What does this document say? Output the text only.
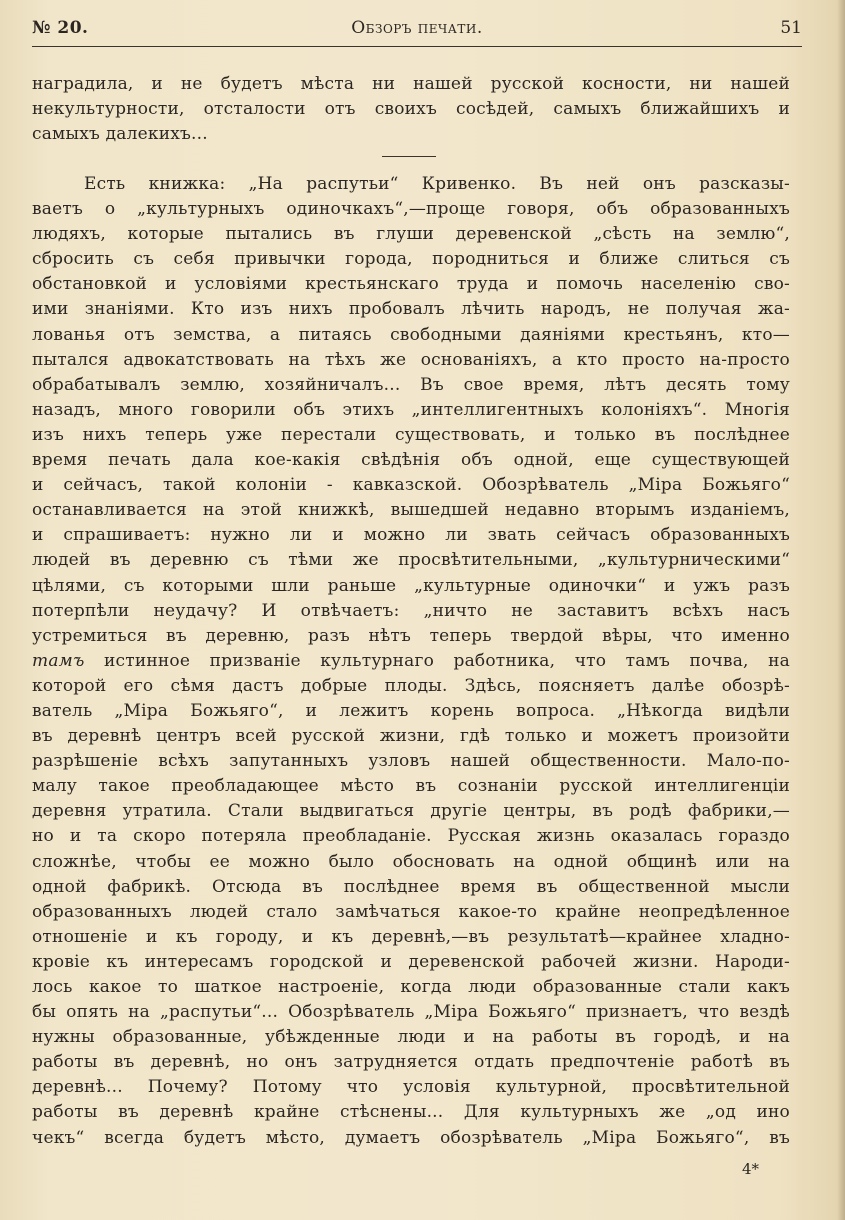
№ 20.	Обзоръ печати.	51
наградила, и не будетъ мѣста ни нашей русской косности, ни нашей
некультурности, отсталости отъ своихъ сосѣдей, самыхъ ближайшихъ и
самыхъ далекихъ...
Есть книжка: „На распутьи“ Кривенко. Въ ней онъ разсказы-
ваетъ о „культурныхъ одиночкахъ“,—проще говоря, объ образованныхъ
людяхъ, которые пытались въ глуши деревенской „сѣсть на землю“,
сбросить съ себя привычки города, породниться и ближе слиться съ
обстановкой и условіями крестьянскаго труда и помочь населенію сво-
ими знаніями. Кто изъ нихъ пробовалъ лѣчить народъ, не получая жа-
лованья отъ земства, а питаясь свободными даяніями крестьянъ, кто—
пытался адвокатствовать на тѣхъ же основаніяхъ, а кто просто на-просто
обрабатывалъ землю, хозяйничалъ... Въ свое время, лѣтъ десять тому
назадъ, много говорили объ этихъ „интеллигентныхъ колоніяхъ“. Многія
изъ нихъ теперь уже перестали существовать, и только въ послѣднее
время печать дала кое-какія свѣдѣнія объ одной, еще существующей
и сейчасъ, такой колоніи - кавказской. Обозрѣватель „Міра Божьяго“
останавливается на этой книжкѣ, вышедшей недавно вторымъ изданіемъ,
и спрашиваетъ: нужно ли и можно ли звать сейчасъ образованныхъ
людей въ деревню съ тѣми же просвѣтительными, „культурническими“
цѣлями, съ которыми шли раньше „культурные одиночки“ и ужъ разъ
потерпѣли неудачу? И отвѣчаетъ: „ничто не заставитъ всѣхъ насъ
устремиться въ деревню, разъ нѣтъ теперь твердой вѣры, что именно
тамъ истинное призваніе культурнаго работника, что тамъ почва, на
которой его сѣмя дастъ добрые плоды. Здѣсь, поясняетъ далѣе обозрѣ-
ватель „Міра Божьяго“, и лежитъ корень вопроса. „Нѣкогда видѣли
въ деревнѣ центръ всей русской жизни, гдѣ только и можетъ произойти
разрѣшеніе всѣхъ запутанныхъ узловъ нашей общественности. Мало-по-
малу такое преобладающее мѣсто въ сознаніи русской интеллигенціи
деревня утратила. Стали выдвигаться другіе центры, въ родѣ фабрики,—
но и та скоро потеряла преобладаніе. Русская жизнь оказалась гораздо
сложнѣе, чтобы ее можно было обосновать на одной общинѣ или на
одной фабрикѣ. Отсюда въ послѣднее время въ общественной мысли
образованныхъ людей стало замѣчаться какое-то крайне неопредѣленное
отношеніе и къ городу, и къ деревнѣ,—въ результатѣ—крайнее хладно-
кровіе къ интересамъ городской и деревенской рабочей жизни. Народи-
лось какое то шаткое настроеніе, когда люди образованные стали какъ
бы опять на „распутьи“... Обозрѣватель „Міра Божьяго“ признаетъ, что вездѣ
нужны образованные, убѣжденные люди и на работы въ городѣ, и на
работы въ деревнѣ, но онъ затрудняется отдать предпочтеніе работѣ въ
деревнѣ... Почему? Потому что условія культурной, просвѣтительной
работы въ деревнѣ крайне стѣснены... Для культурныхъ же „од ино
чекъ“ всегда будетъ мѣсто, думаетъ обозрѣватель „Міра Божьяго“, въ
4*
